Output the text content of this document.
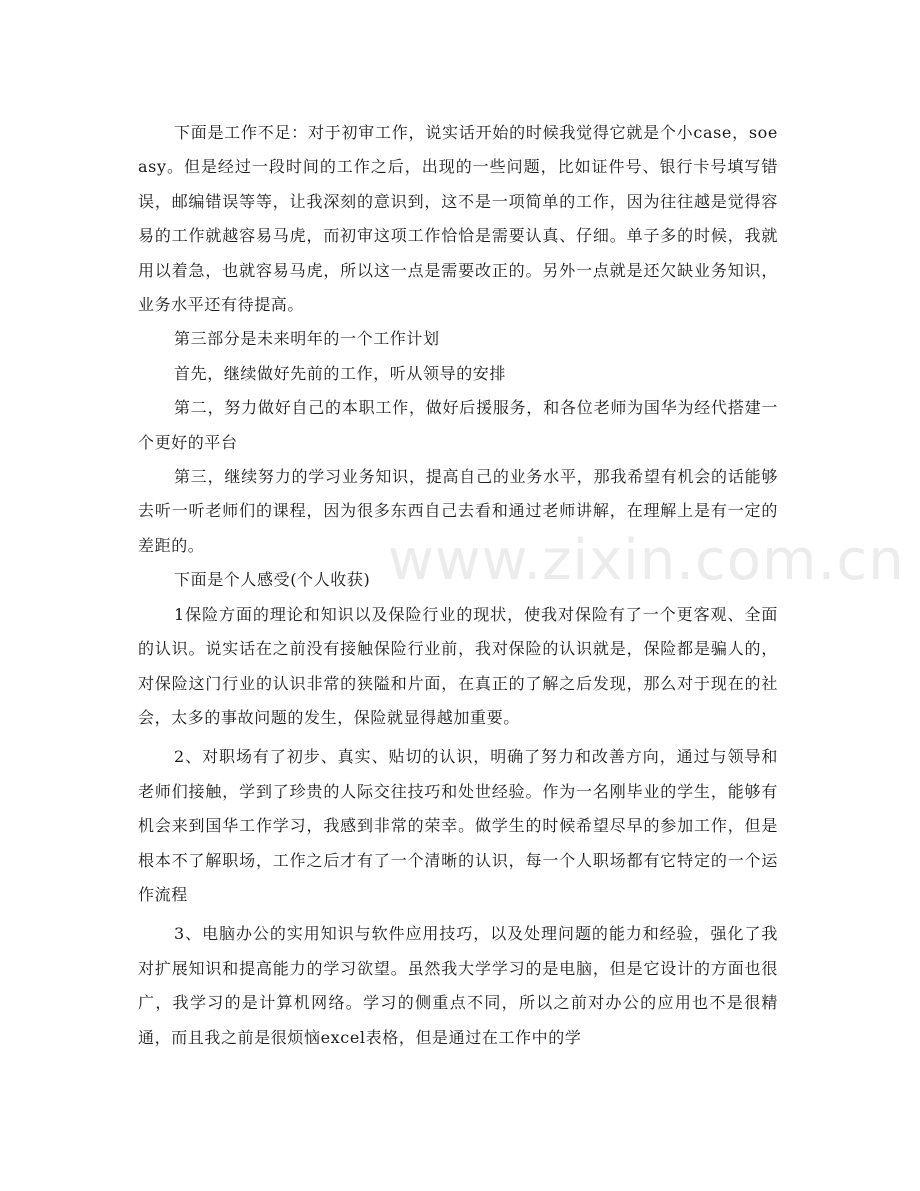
下面是工作不足：对于初审工作，说实话开始的时候我觉得它就是个小case，soeasy。但是经过一段时间的工作之后，出现的一些问题，比如证件号、银行卡号填写错误，邮编错误等等，让我深刻的意识到，这不是一项简单的工作，因为往往越是觉得容易的工作就越容易马虎，而初审这项工作恰恰是需要认真、仔细。单子多的时候，我就用以着急，也就容易马虎，所以这一点是需要改正的。另外一点就是还欠缺业务知识，业务水平还有待提高。

第三部分是未来明年的一个工作计划

首先，继续做好先前的工作，听从领导的安排

第二，努力做好自己的本职工作，做好后援服务，和各位老师为国华为经代搭建一个更好的平台

第三，继续努力的学习业务知识，提高自己的业务水平，那我希望有机会的话能够去听一听老师们的课程，因为很多东西自己去看和通过老师讲解，在理解上是有一定的差距的。

下面是个人感受(个人收获)

1保险方面的理论和知识以及保险行业的现状，使我对保险有了一个更客观、全面的认识。说实话在之前没有接触保险行业前，我对保险的认识就是，保险都是骗人的，对保险这门行业的认识非常的狭隘和片面，在真正的了解之后发现，那么对于现在的社会，太多的事故问题的发生，保险就显得越加重要。

2、对职场有了初步、真实、贴切的认识，明确了努力和改善方向，通过与领导和老师们接触，学到了珍贵的人际交往技巧和处世经验。作为一名刚毕业的学生，能够有机会来到国华工作学习，我感到非常的荣幸。做学生的时候希望尽早的参加工作，但是根本不了解职场，工作之后才有了一个清晰的认识，每一个人职场都有它特定的一个运作流程

3、电脑办公的实用知识与软件应用技巧，以及处理问题的能力和经验，强化了我对扩展知识和提高能力的学习欲望。虽然我大学学习的是电脑，但是它设计的方面也很广，我学习的是计算机网络。学习的侧重点不同，所以之前对办公的应用也不是很精通，而且我之前是很烦恼excel表格，但是通过在工作中的学

www.zixin.com.cn
